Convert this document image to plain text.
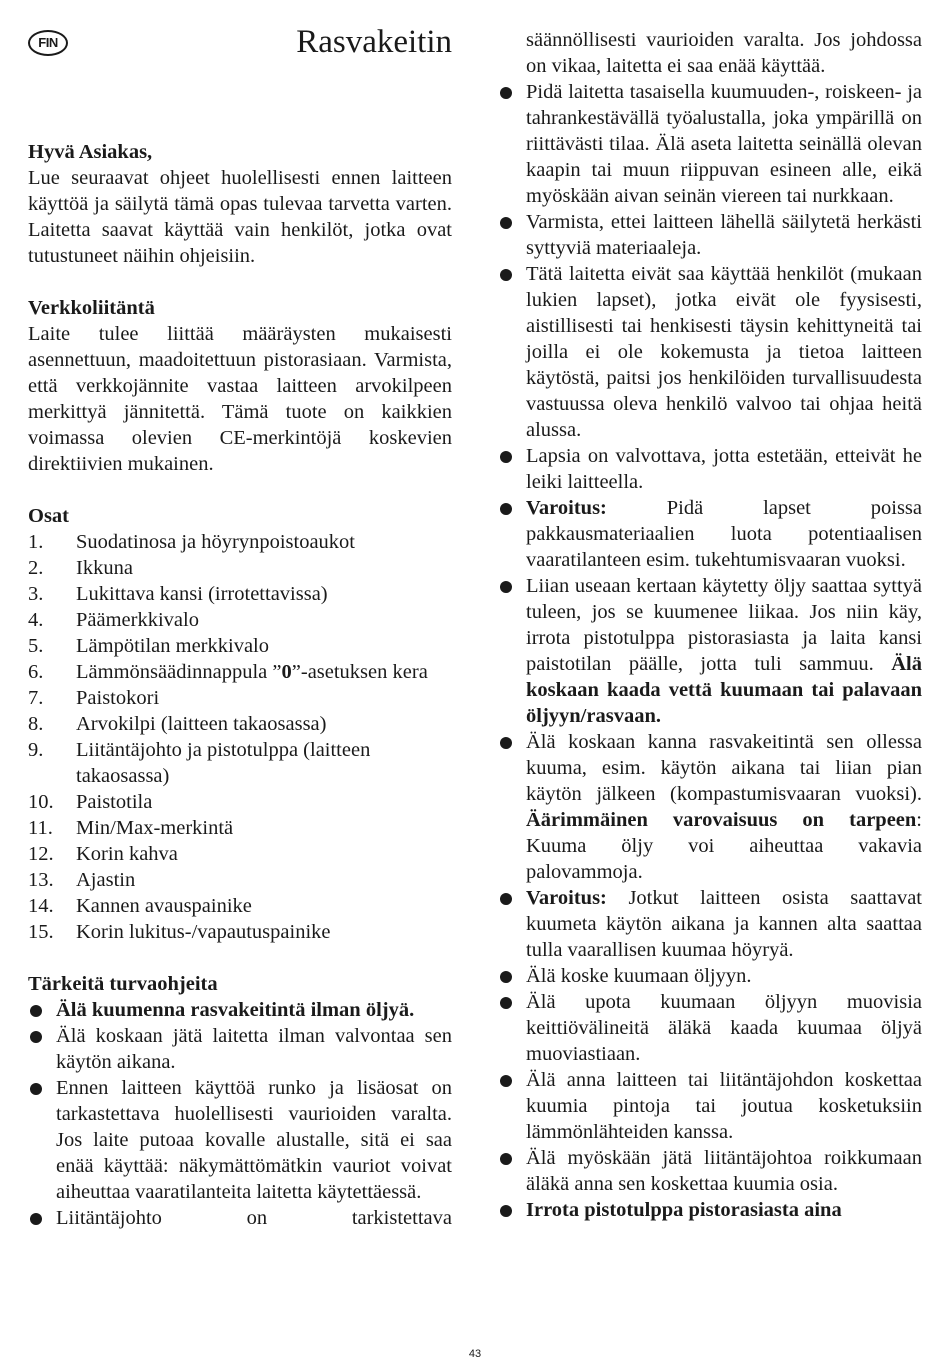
FIN	Rasvakeitin
Hyvä Asiakas,
Lue seuraavat ohjeet huolellisesti ennen laitteen käyttöä ja säilytä tämä opas tulevaa tarvetta varten. Laitetta saavat käyttää vain henkilöt, jotka ovat tutustuneet näihin ohjeisiin.
Verkkoliitäntä
Laite tulee liittää määräysten mukaisesti asennettuun, maadoitettuun pistorasiaan. Varmista, että verkkojännite vastaa laitteen arvokilpeen merkittyä jännitettä. Tämä tuote on kaikkien voimassa olevien CE-merkintöjä koskevien direktiivien mukainen.
Osat
1.	Suodatinosa ja höyrynpoistoaukot
2.	Ikkuna
3.	Lukittava kansi (irrotettavissa)
4.	Päämerkkivalo
5.	Lämpötilan merkkivalo
6.	Lämmönsäädinnappula ”0”-asetuksen kera
7.	Paistokori
8.	Arvokilpi (laitteen takaosassa)
9.	Liitäntäjohto ja pistotulppa (laitteen takaosassa)
10.	Paistotila
11.	Min/Max-merkintä
12.	Korin kahva
13.	Ajastin
14.	Kannen avauspainike
15.	Korin lukitus-/vapautuspainike
Tärkeitä turvaohjeita
Älä kuumenna rasvakeitintä ilman öljyä.
Älä koskaan jätä laitetta ilman valvontaa sen käytön aikana.
Ennen laitteen käyttöä runko ja lisäosat on tarkastettava huolellisesti vaurioiden varalta. Jos laite putoaa kovalle alustalle, sitä ei saa enää käyttää: näkymättömätkin vauriot voivat aiheuttaa vaaratilanteita laitetta käytettäessä.
Liitäntäjohto on tarkistettava
säännöllisesti vaurioiden varalta. Jos johdossa on vikaa, laitetta ei saa enää käyttää.
Pidä laitetta tasaisella kuumuuden-, roiskeen- ja tahrankestävällä työalustalla, joka ympärillä on riittävästi tilaa. Älä aseta laitetta seinällä olevan kaapin tai muun riippuvan esineen alle, eikä myöskään aivan seinän viereen tai nurkkaan.
Varmista, ettei laitteen lähellä säilytetä herkästi syttyviä materiaaleja.
Tätä laitetta eivät saa käyttää henkilöt (mukaan lukien lapset), jotka eivät ole fyysisesti, aistillisesti tai henkisesti täysin kehittyneitä tai joilla ei ole kokemusta ja tietoa laitteen käytöstä, paitsi jos henkilöiden turvallisuudesta vastuussa oleva henkilö valvoo tai ohjaa heitä alussa.
Lapsia on valvottava, jotta estetään, etteivät he leiki laitteella.
Varoitus: Pidä lapset poissa pakkausmateriaalien luota potentiaalisen vaaratilanteen esim. tukehtumisvaaran vuoksi.
Liian useaan kertaan käytetty öljy saattaa syttyä tuleen, jos se kuumenee liikaa. Jos niin käy, irrota pistotulppa pistorasiasta ja laita kansi paistotilan päälle, jotta tuli sammuu. Älä koskaan kaada vettä kuumaan tai palavaan öljyyn/rasvaan.
Älä koskaan kanna rasvakeitintä sen ollessa kuuma, esim. käytön aikana tai liian pian käytön jälkeen (kompastumisvaaran vuoksi). Äärimmäinen varovaisuus on tarpeen: Kuuma öljy voi aiheuttaa vakavia palovammoja.
Varoitus: Jotkut laitteen osista saattavat kuumeta käytön aikana ja kannen alta saattaa tulla vaarallisen kuumaa höyryä.
Älä koske kuumaan öljyyn.
Älä upota kuumaan öljyyn muovisia keittiövälineitä äläkä kaada kuumaa öljyä muoviastiaan.
Älä anna laitteen tai liitäntäjohdon koskettaa kuumia pintoja tai joutua kosketuksiin lämmönlähteiden kanssa.
Älä myöskään jätä liitäntäjohtoa roikkumaan äläkä anna sen koskettaa kuumia osia.
Irrota pistotulppa pistorasiasta aina
43
